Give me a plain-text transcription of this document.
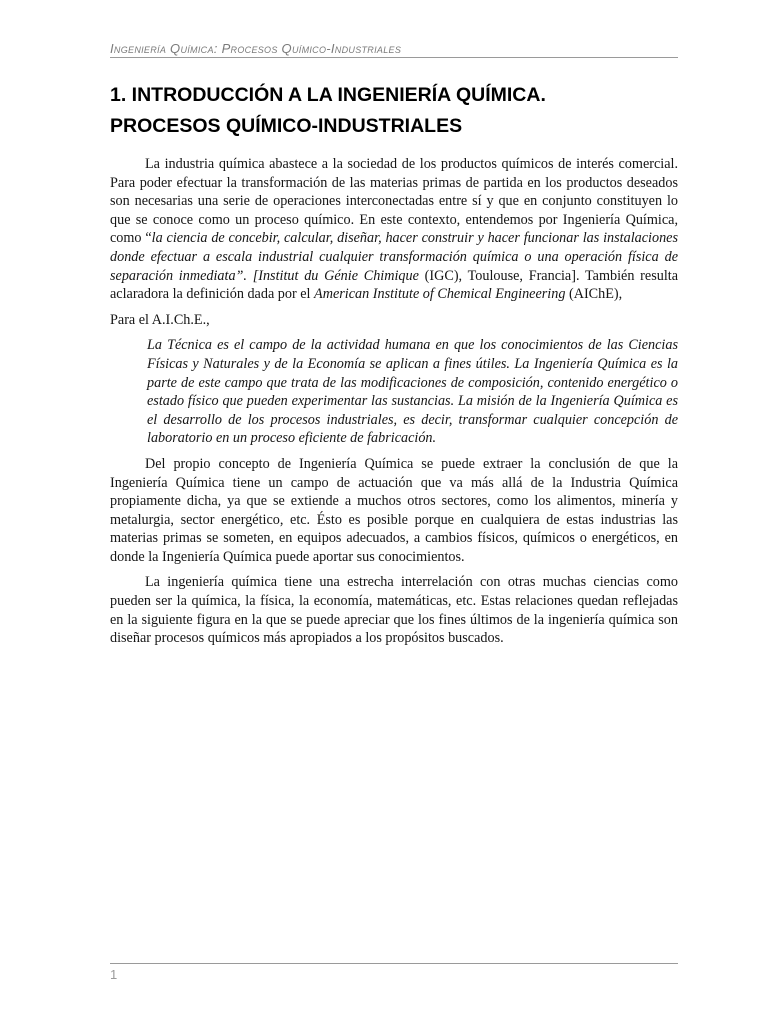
Ingeniería Química: Procesos Químico-Industriales
1. INTRODUCCIÓN A LA INGENIERÍA QUÍMICA.
PROCESOS QUÍMICO-INDUSTRIALES

La industria química abastece a la sociedad de los productos químicos de interés comercial. Para poder efectuar la transformación de las materias primas de partida en los productos deseados son necesarias una serie de operaciones interconectadas entre sí y que en conjunto constituyen lo que se conoce como un proceso químico. En este contexto, entendemos por Ingeniería Química, como “la ciencia de concebir, calcular, diseñar, hacer construir y hacer funcionar las instalaciones donde efectuar a escala industrial cualquier transformación química o una operación física de separación inmediata”. [Institut du Génie Chimique (IGC), Toulouse, Francia]. También resulta aclaradora la definición dada por el American Institute of Chemical Engineering (AIChE),

Para el A.I.Ch.E.,

La Técnica es el campo de la actividad humana en que los conocimientos de las Ciencias Físicas y Naturales y de la Economía se aplican a fines útiles. La Ingeniería Química es la parte de este campo que trata de las modificaciones de composición, contenido energético o estado físico que pueden experimentar las sustancias. La misión de la Ingeniería Química es el desarrollo de los procesos industriales, es decir, transformar cualquier concepción de laboratorio en un proceso eficiente de fabricación.

Del propio concepto de Ingeniería Química se puede extraer la conclusión de que la Ingeniería Química tiene un campo de actuación que va más allá de la Industria Química propiamente dicha, ya que se extiende a muchos otros sectores, como los alimentos, minería y metalurgia, sector energético, etc. Ésto es posible porque en cualquiera de estas industrias las materias primas se someten, en equipos adecuados, a cambios físicos, químicos o energéticos, en donde la Ingeniería Química puede aportar sus conocimientos.

La ingeniería química tiene una estrecha interrelación con otras muchas ciencias como pueden ser la química, la física, la economía, matemáticas, etc. Estas relaciones quedan reflejadas en la siguiente figura en la que se puede apreciar que los fines últimos de la ingeniería química son diseñar procesos químicos más apropiados a los propósitos buscados.

1
